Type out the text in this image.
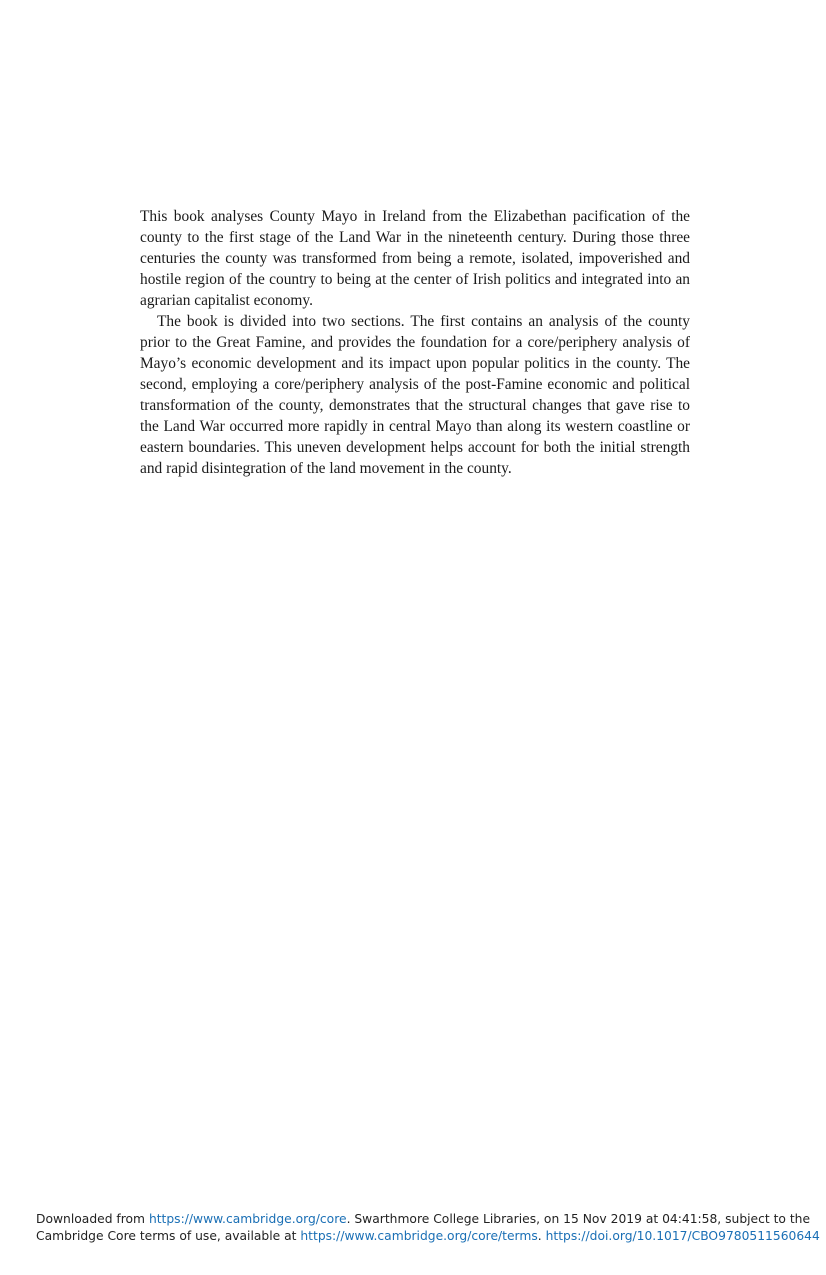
This book analyses County Mayo in Ireland from the Elizabethan pacification of the county to the first stage of the Land War in the nineteenth century. During those three centuries the county was transformed from being a remote, isolated, impoverished and hostile region of the country to being at the center of Irish politics and integrated into an agrarian capitalist economy.

The book is divided into two sections. The first contains an analysis of the county prior to the Great Famine, and provides the foundation for a core/periphery analysis of Mayo’s economic development and its impact upon popular politics in the county. The second, employing a core/periphery analysis of the post-Famine economic and political transformation of the county, demonstrates that the structural changes that gave rise to the Land War occurred more rapidly in central Mayo than along its western coastline or eastern boundaries. This uneven development helps account for both the initial strength and rapid disintegration of the land movement in the county.

Downloaded from https://www.cambridge.org/core. Swarthmore College Libraries, on 15 Nov 2019 at 04:41:58, subject to the
Cambridge Core terms of use, available at https://www.cambridge.org/core/terms. https://doi.org/10.1017/CBO9780511560644
